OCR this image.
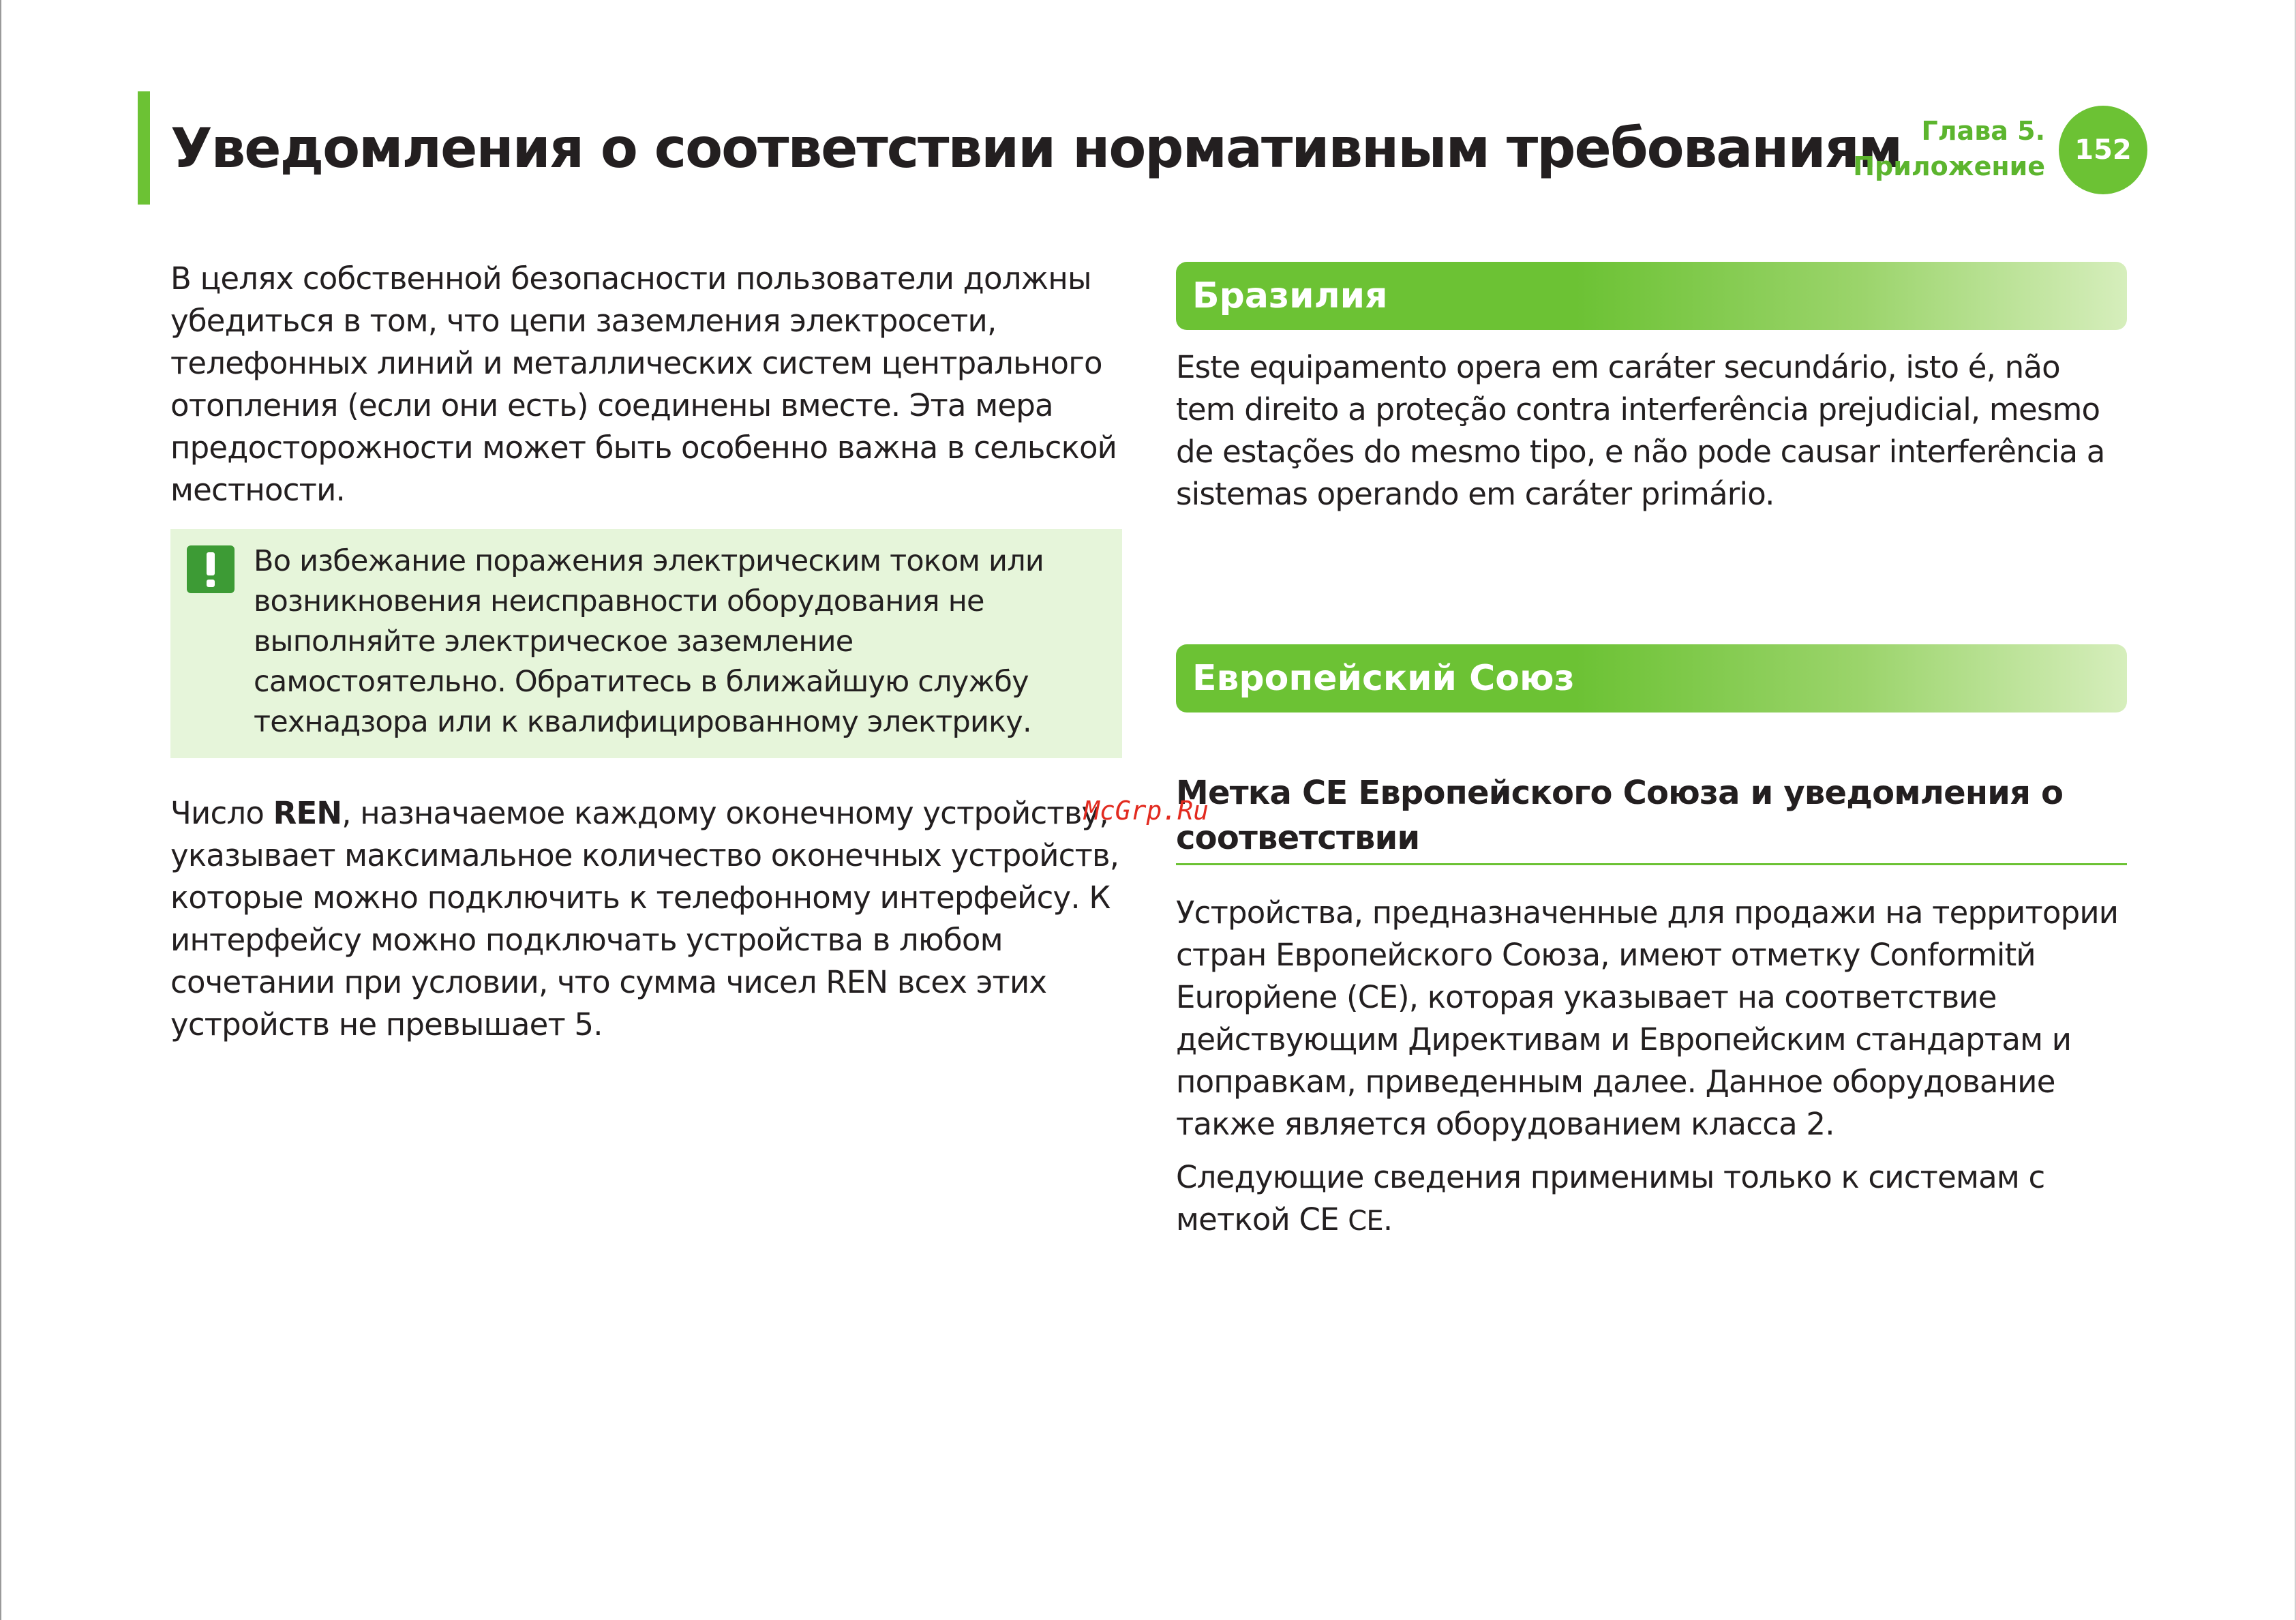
Уведомления о соответствии нормативным требованиям Глава 5.
Приложение
152

В целях собственной безопасности пользователи должны убедиться в том, что цепи заземления электросети, телефонных линий и металлических систем центрального отопления (если они есть) соединены вместе. Эта мера предосторожности может быть особенно важна в сельской местности.

Во избежание поражения электрическим током или возникновения неисправности оборудования не выполняйте электрическое заземление самостоятельно. Обратитесь в ближайшую службу технадзора или к квалифицированному электрику.

Число REN, назначаемое каждому оконечному устройству, указывает максимальное количество оконечных устройств, которые можно подключить к телефонному интерфейсу. К интерфейсу можно подключать устройства в любом сочетании при условии, что сумма чисел REN всех этих устройств не превышает 5.

Бразилия

Este equipamento opera em caráter secundário, isto é, não tem direito a proteção contra interferência prejudicial, mesmo de estações do mesmo tipo, e não pode causar interferência a sistemas operando em caráter primário.

Европейский Союз
Метка CE Европейского Союза и уведомления о соответствии

Устройства, предназначенные для продажи на территории стран Европейского Союза, имеют отметку Conformitй Europйene (CE), которая указывает на соответствие действующим Директивам и Европейским стандартам и поправкам, приведенным далее. Данное оборудование также является оборудованием класса 2.

Следующие сведения применимы только к системам с меткой CE CE.

McGrp.Ru
